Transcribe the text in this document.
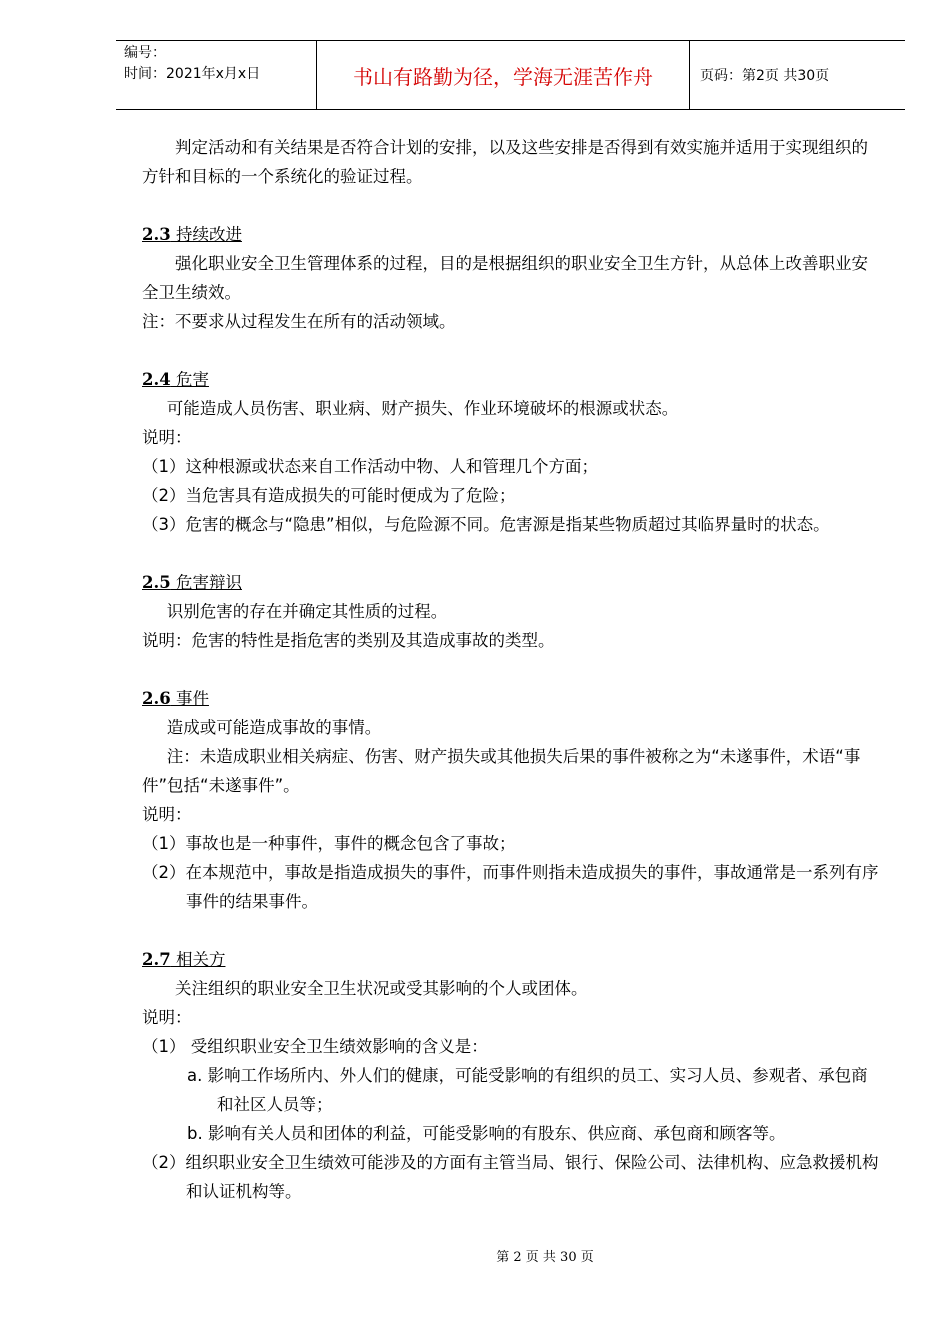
编号：
时间：2021年x月x日	书山有路勤为径，学海无涯苦作舟	页码：第2页 共30页

判定活动和有关结果是否符合计划的安排，以及这些安排是否得到有效实施并适用于实现组织的方针和目标的一个系统化的验证过程。

2.3 持续改进

强化职业安全卫生管理体系的过程，目的是根据组织的职业安全卫生方针，从总体上改善职业安全卫生绩效。

注：不要求从过程发生在所有的活动领域。

2.4 危害

可能造成人员伤害、职业病、财产损失、作业环境破坏的根源或状态。

说明：

（1）这种根源或状态来自工作活动中物、人和管理几个方面；

（2）当危害具有造成损失的可能时便成为了危险；

（3）危害的概念与“隐患”相似，与危险源不同。危害源是指某些物质超过其临界量时的状态。

2.5 危害辩识

识别危害的存在并确定其性质的过程。

说明：危害的特性是指危害的类别及其造成事故的类型。

2.6 事件

造成或可能造成事故的事情。

注：未造成职业相关病症、伤害、财产损失或其他损失后果的事件被称之为“未遂事件，术语“事件”包括“未遂事件”。

说明：

（1）事故也是一种事件，事件的概念包含了事故；

（2）在本规范中，事故是指造成损失的事件，而事件则指未造成损失的事件，事故通常是一系列有序事件的结果事件。

2.7 相关方

关注组织的职业安全卫生状况或受其影响的个人或团体。

说明：

（1） 受组织职业安全卫生绩效影响的含义是：

a. 影响工作场所内、外人们的健康，可能受影响的有组织的员工、实习人员、参观者、承包商和社区人员等；

b. 影响有关人员和团体的利益，可能受影响的有股东、供应商、承包商和顾客等。

（2）组织职业安全卫生绩效可能涉及的方面有主管当局、银行、保险公司、法律机构、应急救援机构和认证机构等。

第 2 页 共 30 页
